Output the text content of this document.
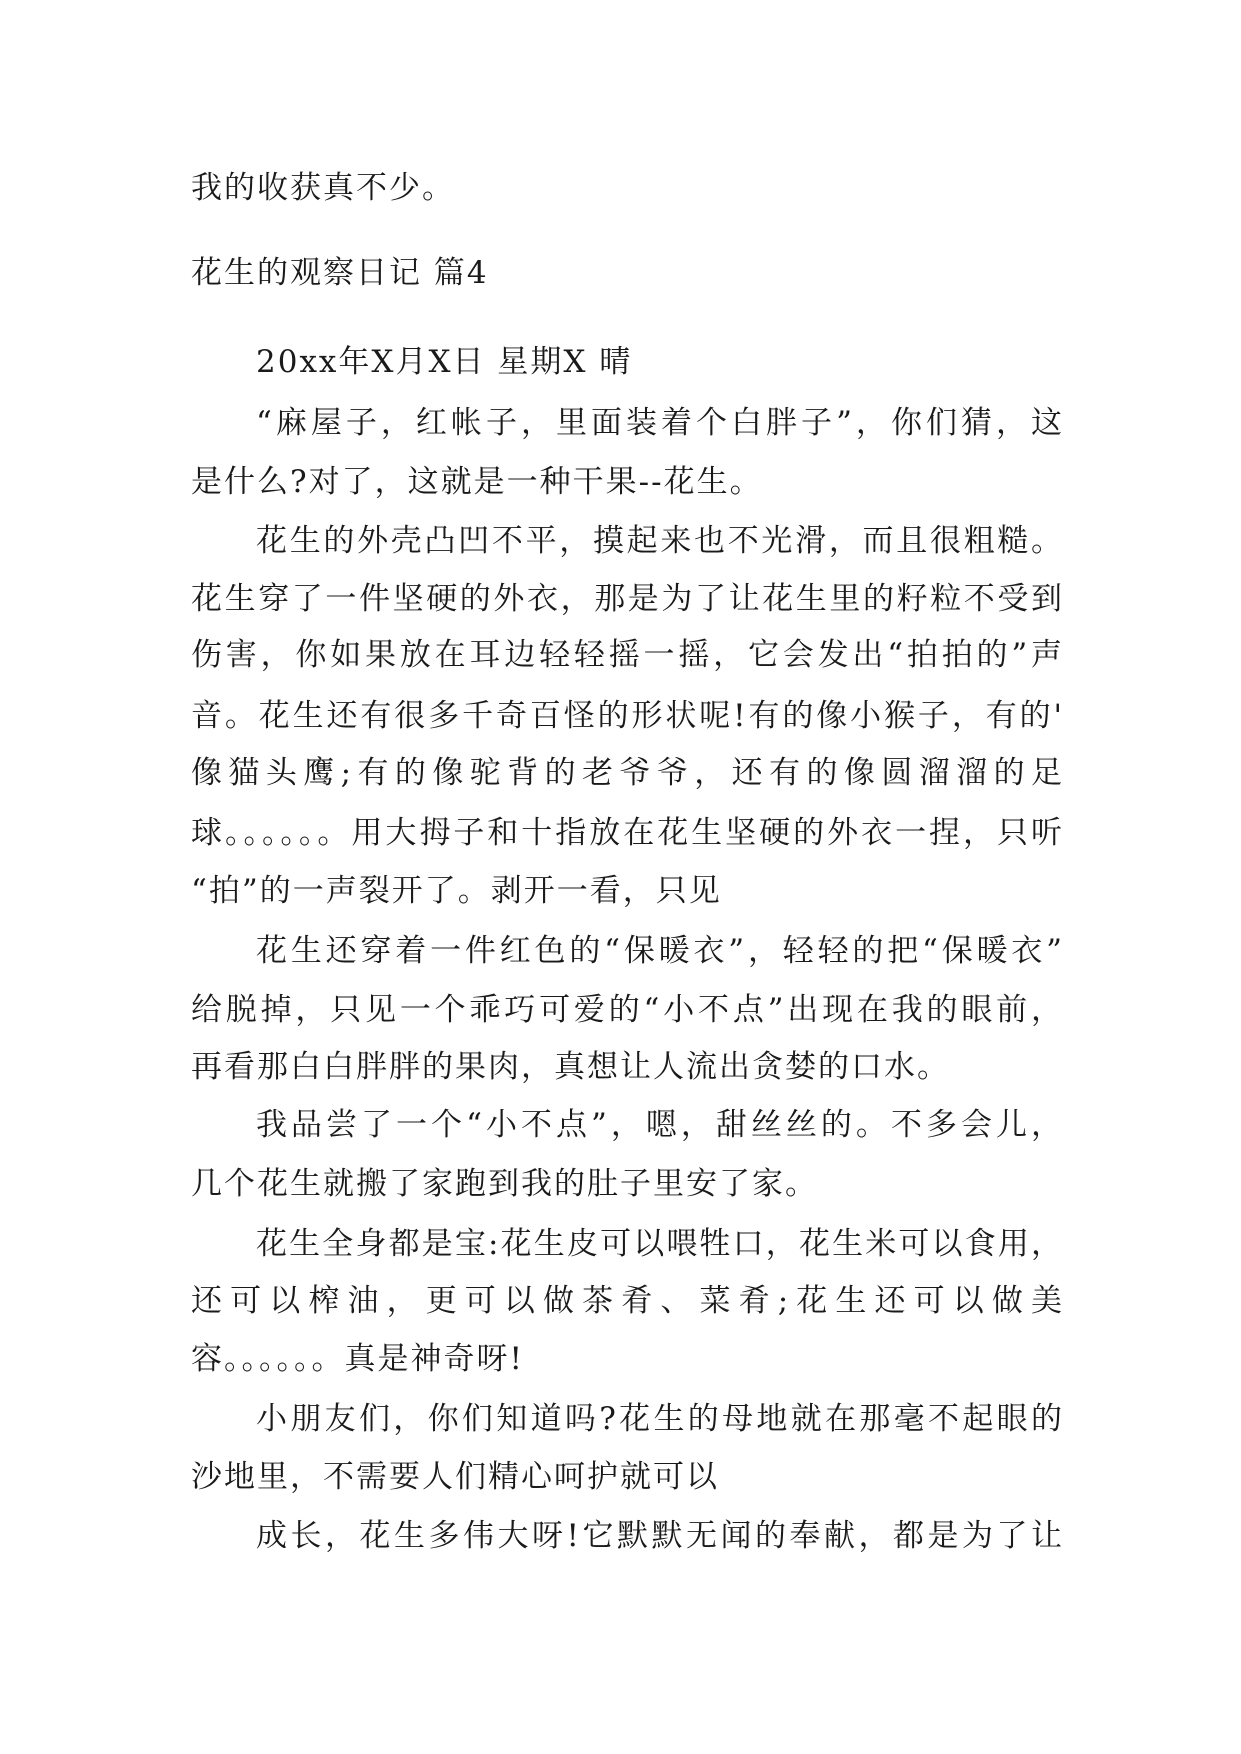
我的收获真不少。
花生的观察日记 篇4
20xx年X月X日 星期X 晴
“麻屋子，红帐子，里面装着个白胖子”，你们猜，这
是什么?对了，这就是一种干果--花生。
花生的外壳凸凹不平，摸起来也不光滑，而且很粗糙。
花生穿了一件坚硬的外衣，那是为了让花生里的籽粒不受到
伤害，你如果放在耳边轻轻摇一摇，它会发出“拍拍的”声
音。花生还有很多千奇百怪的形状呢!有的像小猴子，有的'
像猫头鹰;有的像驼背的老爷爷，还有的像圆溜溜的足
球。。。。。。用大拇子和十指放在花生坚硬的外衣一捏，只听
“拍”的一声裂开了。剥开一看，只见
花生还穿着一件红色的“保暖衣”，轻轻的把“保暖衣”
给脱掉，只见一个乖巧可爱的“小不点”出现在我的眼前，
再看那白白胖胖的果肉，真想让人流出贪婪的口水。
我品尝了一个“小不点”，嗯，甜丝丝的。不多会儿，
几个花生就搬了家跑到我的肚子里安了家。
花生全身都是宝:花生皮可以喂牲口，花生米可以食用，
还可以榨油，更可以做茶肴、菜肴;花生还可以做美
容。。。。。。真是神奇呀!
小朋友们，你们知道吗?花生的母地就在那毫不起眼的
沙地里，不需要人们精心呵护就可以
成长，花生多伟大呀!它默默无闻的奉献，都是为了让
